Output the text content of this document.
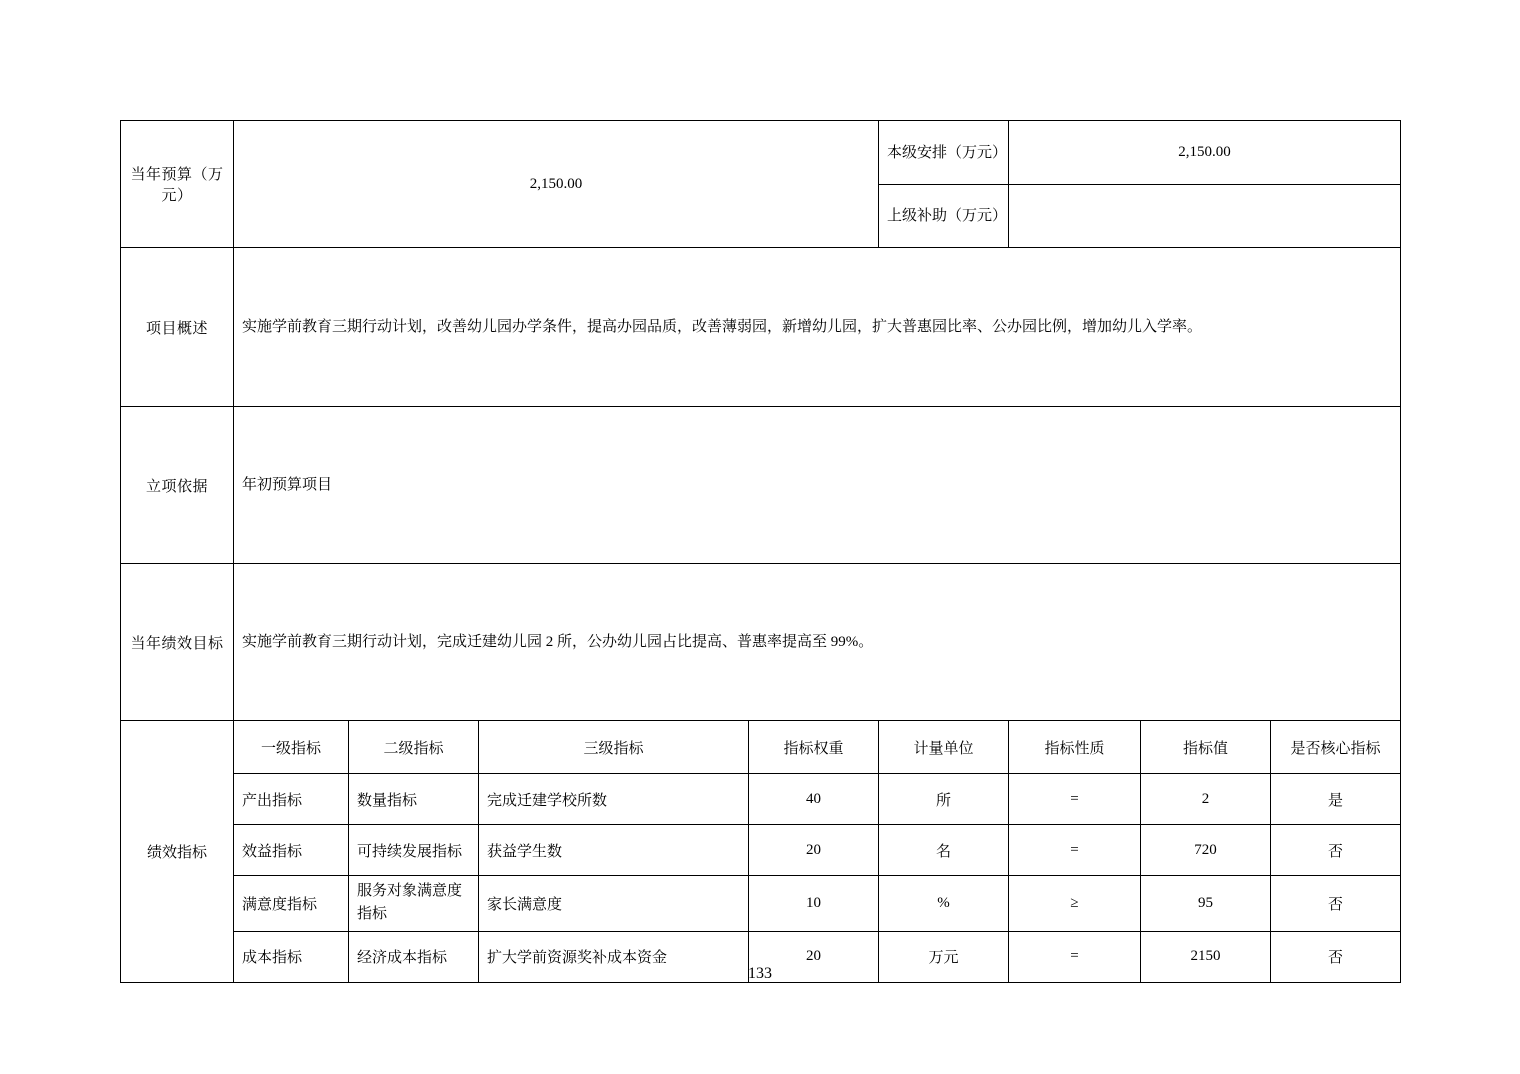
当年预算（万元）	2,150.00				本级安排（万元）	2,150.00		
					上级补助（万元）			
项目概述	实施学前教育三期行动计划，改善幼儿园办学条件，提高办园品质，改善薄弱园，新增幼儿园，扩大普惠园比率、公办园比例，增加幼儿入学率。							
立项依据	年初预算项目							
当年绩效目标	实施学前教育三期行动计划，完成迁建幼儿园 2 所，公办幼儿园占比提高、普惠率提高至 99%。							
绩效指标	一级指标	二级指标	三级指标	指标权重	计量单位	指标性质	指标值	是否核心指标
	产出指标	数量指标	完成迁建学校所数	40	所	=	2	是
	效益指标	可持续发展指标	获益学生数	20	名	=	720	否
	满意度指标	服务对象满意度指标	家长满意度	10	%	≥	95	否
	成本指标	经济成本指标	扩大学前资源奖补成本资金	20	万元	=	2150	否
133
